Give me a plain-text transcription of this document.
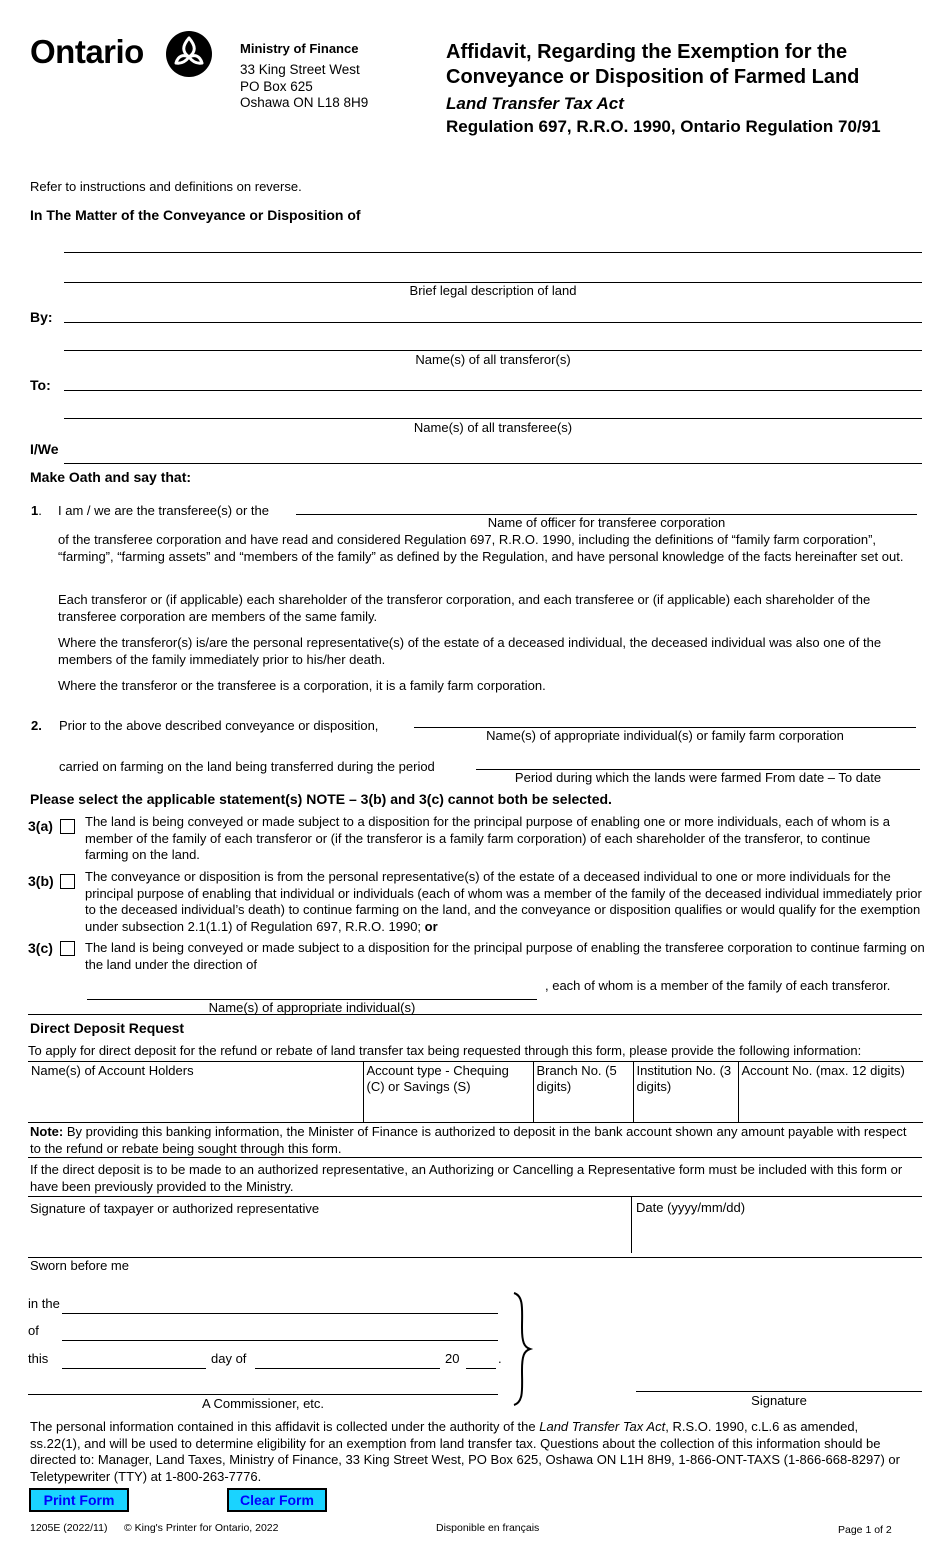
Ontario	Ministry of Finance
33 King Street West
PO Box 625
Oshawa ON L18 8H9
Affidavit, Regarding the Exemption for the
Conveyance or Disposition of Farmed Land
Land Transfer Tax Act
Regulation 697, R.R.O. 1990, Ontario Regulation 70/91
Refer to instructions and definitions on reverse.
In The Matter of the Conveyance or Disposition of
Brief legal description of land
By:
Name(s) of all transferor(s)
To:
Name(s) of all transferee(s)
I/We
Make Oath and say that:
1. I am / we are the transferee(s) or the
Name of officer for transferee corporation
of the transferee corporation and have read and considered Regulation 697, R.R.O. 1990, including the definitions of “family farm corporation”, “farming”, “farming assets” and “members of the family” as defined by the Regulation, and have personal knowledge of the facts hereinafter set out.
Each transferor or (if applicable) each shareholder of the transferor corporation, and each transferee or (if applicable) each shareholder of the transferee corporation are members of the same family.
Where the transferor(s) is/are the personal representative(s) of the estate of a deceased individual, the deceased individual was also one of the members of the family immediately prior to his/her death.
Where the transferor or the transferee is a corporation, it is a family farm corporation.
2. Prior to the above described conveyance or disposition,
Name(s) of appropriate individual(s) or family farm corporation
carried on farming on the land being transferred during the period
Period during which the lands were farmed From date – To date
Please select the applicable statement(s) NOTE – 3(b) and 3(c) cannot both be selected.
3(a) The land is being conveyed or made subject to a disposition for the principal purpose of enabling one or more individuals, each of whom is a member of the family of each transferor or (if the transferor is a family farm corporation) of each shareholder of the transferor, to continue farming on the land.
3(b) The conveyance or disposition is from the personal representative(s) of the estate of a deceased individual to one or more individuals for the principal purpose of enabling that individual or individuals (each of whom was a member of the family of the deceased individual immediately prior to the deceased individual’s death) to continue farming on the land, and the conveyance or disposition qualifies or would qualify for the exemption under subsection 2.1(1.1) of Regulation 697, R.R.O. 1990; or
3(c) The land is being conveyed or made subject to a disposition for the principal purpose of enabling the transferee corporation to continue farming on the land under the direction of
, each of whom is a member of the family of each transferor.
Name(s) of appropriate individual(s)
Direct Deposit Request
To apply for direct deposit for the refund or rebate of land transfer tax being requested through this form, please provide the following information:
Name(s) of Account Holders	Account type - Chequing (C) or Savings (S)	Branch No. (5 digits)	Institution No. (3 digits)	Account No. (max. 12 digits)
Note: By providing this banking information, the Minister of Finance is authorized to deposit in the bank account shown any amount payable with respect to the refund or rebate being sought through this form.
If the direct deposit is to be made to an authorized representative, an Authorizing or Cancelling a Representative form must be included with this form or have been previously provided to the Ministry.
Signature of taxpayer or authorized representative	Date (yyyy/mm/dd)
Sworn before me
in the
of
this	day of	20	.
A Commissioner, etc.	Signature
The personal information contained in this affidavit is collected under the authority of the Land Transfer Tax Act, R.S.O. 1990, c.L.6 as amended, ss.22(1), and will be used to determine eligibility for an exemption from land transfer tax. Questions about the collection of this information should be directed to: Manager, Land Taxes, Ministry of Finance, 33 King Street West, PO Box 625, Oshawa ON L1H 8H9, 1-866-ONT-TAXS (1-866-668-8297) or Teletypewriter (TTY) at 1-800-263-7776.
Print Form	Clear Form
1205E (2022/11) © King's Printer for Ontario, 2022	Disponible en français	Page 1 of 2
